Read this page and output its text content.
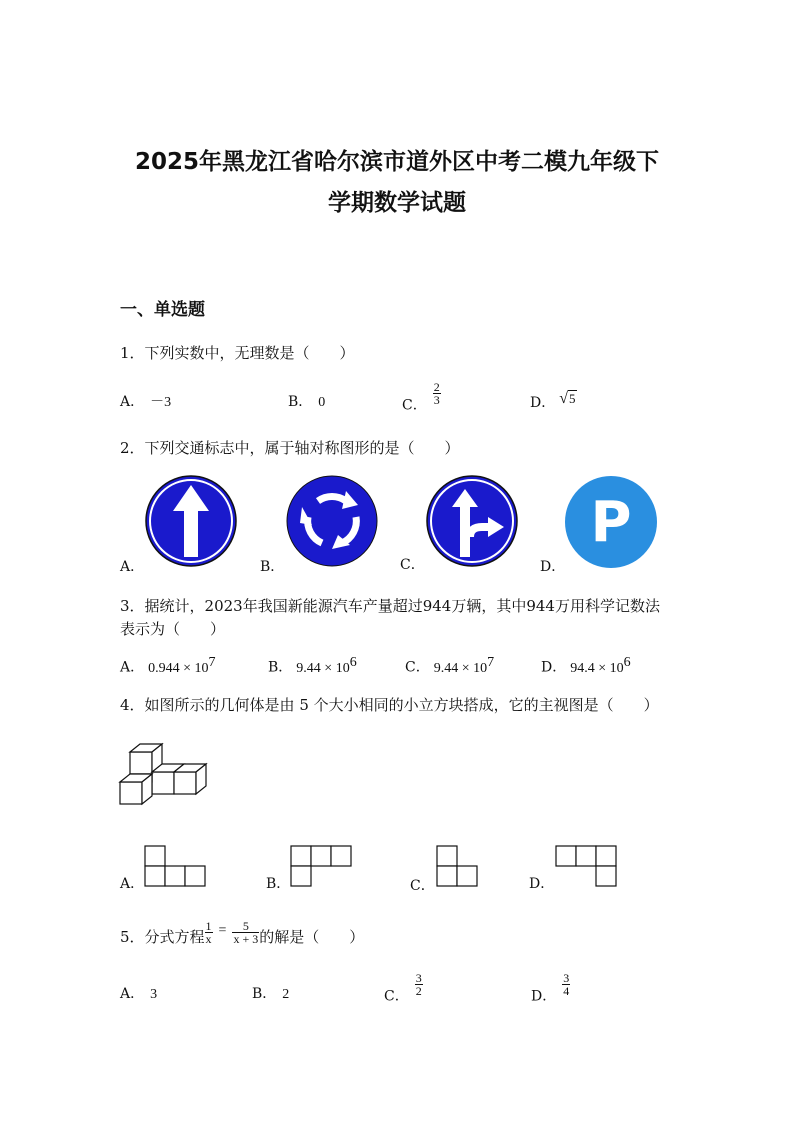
2025年黑龙江省哈尔滨市道外区中考二模九年级下
学期数学试题
一、单选题
1．下列实数中，无理数是（　　）
A． －3	B． 0	C． $\frac{2}{3}$	D． √5
2．下列交通标志中，属于轴对称图形的是（　　）
A．	B．	C．
P
D．
3．据统计，2023年我国新能源汽车产量超过944万辆，其中944万用科学记数法
表示为（　　）
A． $0.944 \times 10^7$	B． $9.44 \times 10^6$	C． $9.44 \times 10^7$	D． $94.4 \times 10^6$
4．如图所示的几何体是由 5 个大小相同的小立方块搭成，它的主视图是（　　）
A．	B．	C．	D．
5．分式方程 $\frac{1}{x} = \frac{5}{x + 3}$ 的解是（　　）
A． 3	B． 2	C． $\frac{3}{2}$	D． $\frac{3}{4}$
